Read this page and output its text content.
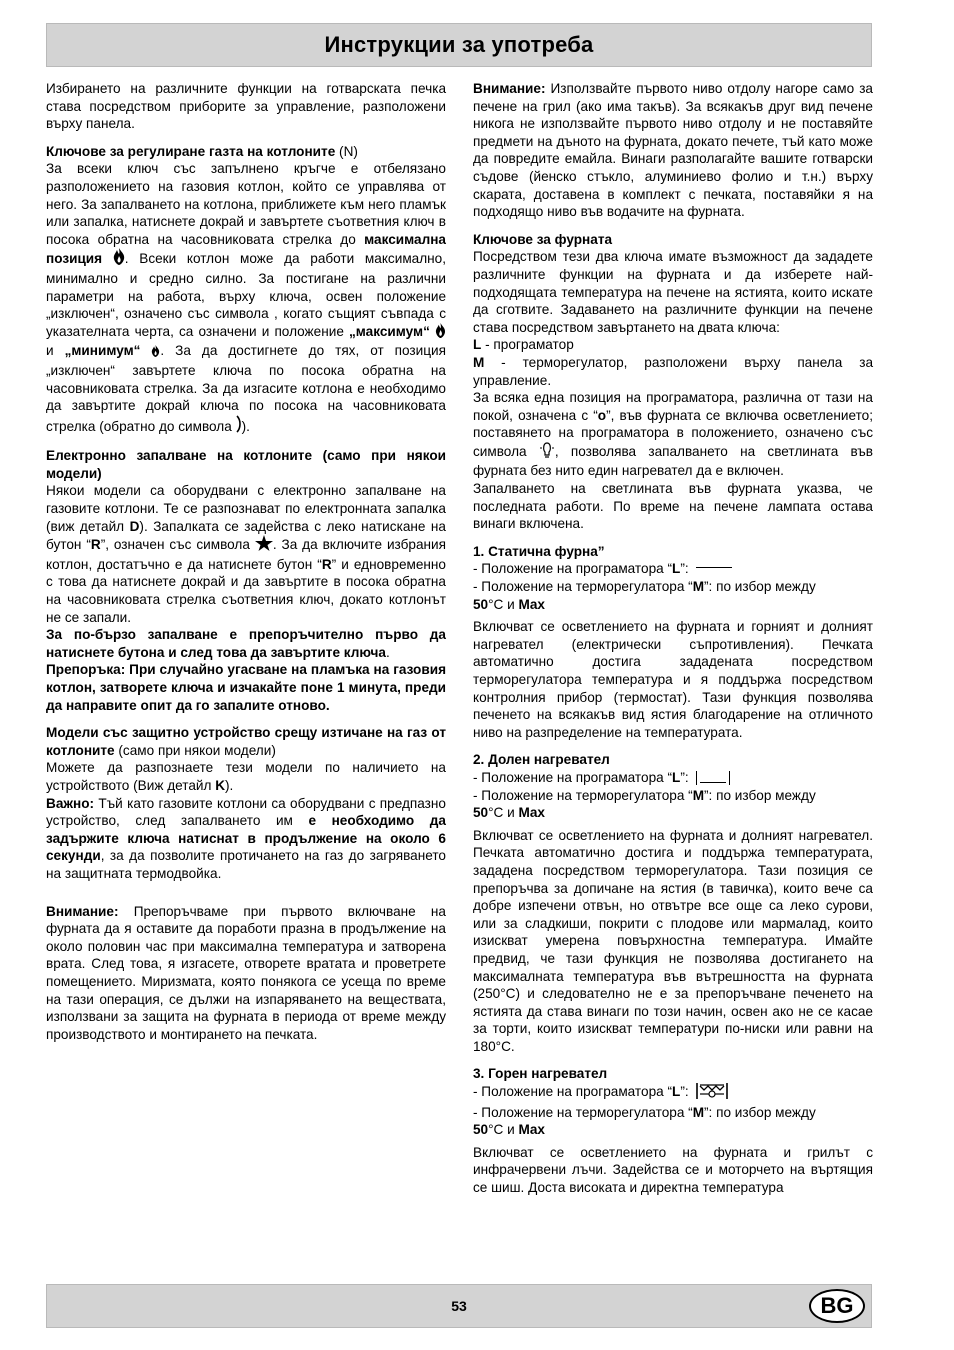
Инструкции за употреба

Избирането на различните функции на готварската печка става посредством приборите за управление, разположени върху панела.

Ключове за регулиране газта на котлоните (N)
За всеки ключ със запълнено кръгче е отбелязано разположението на газовия котлон, който се управлява от него. За запалването на котлона, приближете към него пламък или запалка, натиснете докрай и завъртете съответния ключ в посока обратна на часовниковата стрелка до максимална позиция . Всеки котлон може да работи максимално, минимално и средно силно. За постигане на различни параметри на работа, върху ключа, освен положение „изключен“, означено със символа , когато същият съвпада с указателната черта, са означени и положение „максимум“  и „минимум“ . За да достигнете до тях, от позиция „изключен“ завъртете ключа по посока обратна на часовниковата стрелка. За да изгасите котлона е необходимо да завъртите докрай ключа по посока на часовниковата стрелка (обратно до символа ).

Електронно запалване на котлоните (само при някои модели)
Някои модели са оборудвани с електронно запалване на газовите котлони. Те се разпознават по електронната запалка (виж детайл D). Запалката се задейства с леко натискане на бутон “R”, означен със символа . За да включите избрания котлон, достатъчно е да натиснете бутон “R” и едновременно с това да натиснете докрай и да завъртите в посока обратна на часовниковата стрелка съответния ключ, докато котлонът не се запали.
За по-бързо запалване е препоръчително първо да натиснете бутона и след това да завъртите ключа.
Препоръка: При случайно угасване на пламъка на газовия котлон, затворете ключа и изчакайте поне 1 минута, преди да направите опит да го запалите отново.

Модели със защитно устройство срещу изтичане на газ от котлоните (само при някои модели)
Можете да разпознаете тези модели по наличието на устройството (Виж детайл K).
Важно: Тъй като газовите котлони са оборудвани с предпазно устройство, след запалването им е необходимо да задържите ключа натиснат в продължение на около 6 секунди, за да позволите протичането на газ до загряването на защитната термодвойка.

Внимание: Препоръчваме при първото включване на фурната да я оставите да поработи празна в продължение на около половин час при максимална температура и затворена врата. След това, я изгасете, отворете вратата и проветрете помещението. Миризмата, която понякога се усеща по време на тази операция, се дължи на изпаряването на веществата, използвани за защита на фурната в периода от време между производството и монтирането на печката.

Внимание: Използвайте първото ниво отдолу нагоре само за печене на грил (ако има такъв). За всякакъв друг вид печене никога не използвайте първото ниво отдолу и не поставяйте предмети на дъното на фурната, докато печете, тъй като може да повредите емайла. Винаги разполагайте вашите готварски съдове (йенско стъкло, алуминиево фолио и т.н.) върху скарата, доставена в комплект с печката, поставяйки я на подходящо ниво във водачите на фурната.

Ключове за фурната
Посредством тези два ключа имате възможност да зададете различните функции на фурната и да изберете най-подходящата температура на печене на ястията, които искате да сготвите. Задаването на различните функции на печене става посредством завъртането на двата ключа:
L - програматор
M - терморегулатор, разположени върху панела за управление.
За всяка една позиция на програматора, различна от тази на покой, означена с “o”, във фурната се включва осветлението; поставянето на програматора в положението, означено със символа , позволява запалването на светлината във фурната без нито един нагревател да е включен.
Запалването на светлината във фурната указва, че последната работи. По време на печене лампата остава винаги включена.

1. Статична фурна”
- Положение на програматора “L”:
- Положение на терморегулатора “M”: по избор между
50°C и Max

Включват се осветлението на фурната и горният и долният нагревател (електрически съпротивления). Печката автоматично достига зададената посредством терморегулатора температура и я поддържа посредством контролния прибор (термостат). Тази функция позволява печенето на всякакъв вид ястия благодарение на отличното ниво на разпределение на температурата.

2. Долен нагревател
- Положение на програматора “L”:
- Положение на терморегулатора “M”: по избор между
50°C и Max

Включват се осветлението на фурната и долният нагревател. Печката автоматично достига и поддържа температурата, зададена посредством терморегулатора. Тази позиция се препоръчва за допичане на ястия (в тавичка), които вече са добре изпечени отвън, но отвътре все още са леко сурови, или за сладкиши, покрити с плодове или мармалад, които изискват умерена повърхностна температура. Имайте предвид, че тази функция не позволява достигането на максималната температура във вътрешността на фурната (250°C) и следователно не е за препоръчване печенето на ястията да става винаги по този начин, освен ако не се касае за торти, които изискват температури по-ниски или равни на 180°C.

3. Горен нагревател
- Положение на програматора “L”:
- Положение на терморегулатора “M”: по избор между
50°C и Max

Включват се осветлението на фурната и грилът с инфрачервени лъчи. Задейства се и моторчето на въртящия се шиш. Доста високата и директна температура

53	BG
